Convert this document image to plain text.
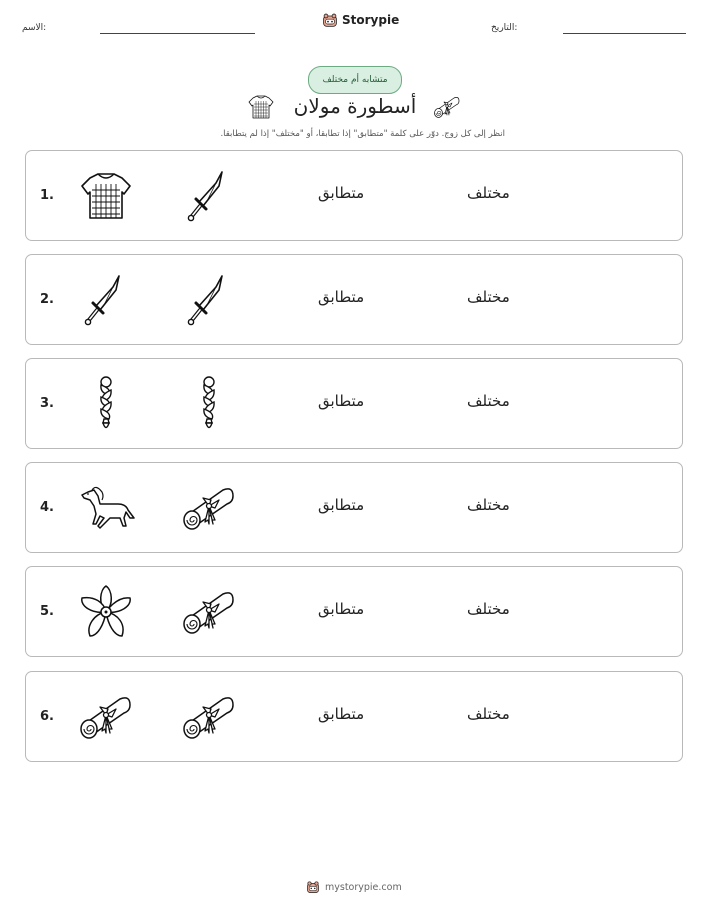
الاسم:
Storypie
التاريخ:
متشابه أم مختلف
أسطورة مولان
انظر إلى كل زوج. دوّر على كلمة "متطابق" إذا تطابقا، أو "مختلف" إذا لم يتطابقا.
1.	متطابق	مختلف
2.	متطابق	مختلف
3.	متطابق	مختلف
4.	متطابق	مختلف
5.	متطابق	مختلف
6.	متطابق	مختلف
mystorypie.com
